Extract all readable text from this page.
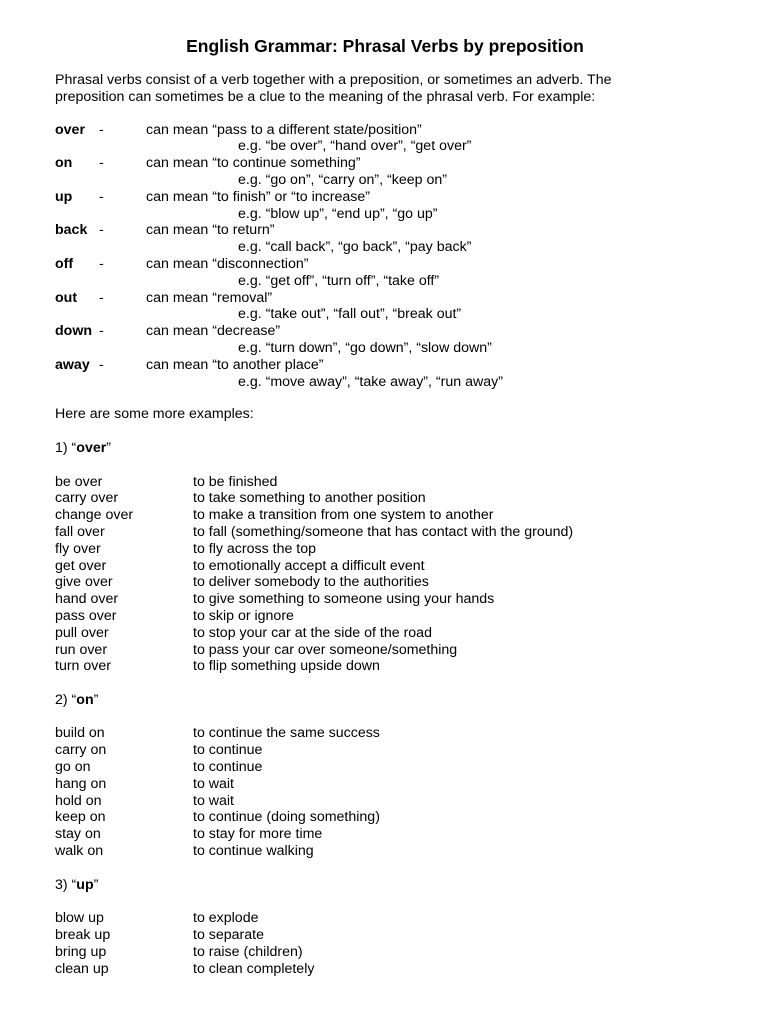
English Grammar: Phrasal Verbs by preposition

Phrasal verbs consist of a verb together with a preposition, or sometimes an adverb. The

preposition can sometimes be a clue to the meaning of the phrasal verb. For example:

over -	can mean “pass to a different state/position”
e.g. “be over”, “hand over”, “get over”
on -	can mean “to continue something”
e.g. “go on”, “carry on”, “keep on”
up -	can mean “to finish” or “to increase”
e.g. “blow up”, “end up”, “go up”
back -	can mean “to return”
e.g. “call back”, “go back”, “pay back”
off -	can mean “disconnection”
e.g. “get off”, “turn off”, “take off”
out -	can mean “removal”
e.g. “take out”, “fall out”, “break out”
down -	can mean “decrease”
e.g. “turn down”, “go down”, “slow down”
away -	can mean “to another place”
e.g. “move away”, “take away”, “run away”
Here are some more examples:
1) “over”
be over	to be finished
carry over	to take something to another position
change over	to make a transition from one system to another
fall over	to fall (something/someone that has contact with the ground)
fly over	to fly across the top
get over	to emotionally accept a difficult event
give over	to deliver somebody to the authorities
hand over	to give something to someone using your hands
pass over	to skip or ignore
pull over	to stop your car at the side of the road
run over	to pass your car over someone/something
turn over	to flip something upside down
2) “on”
build on	to continue the same success
carry on	to continue
go on	to continue
hang on	to wait
hold on	to wait
keep on	to continue (doing something)
stay on	to stay for more time
walk on	to continue walking
3) “up”
blow up	to explode
break up	to separate
bring up	to raise (children)
clean up	to clean completely
